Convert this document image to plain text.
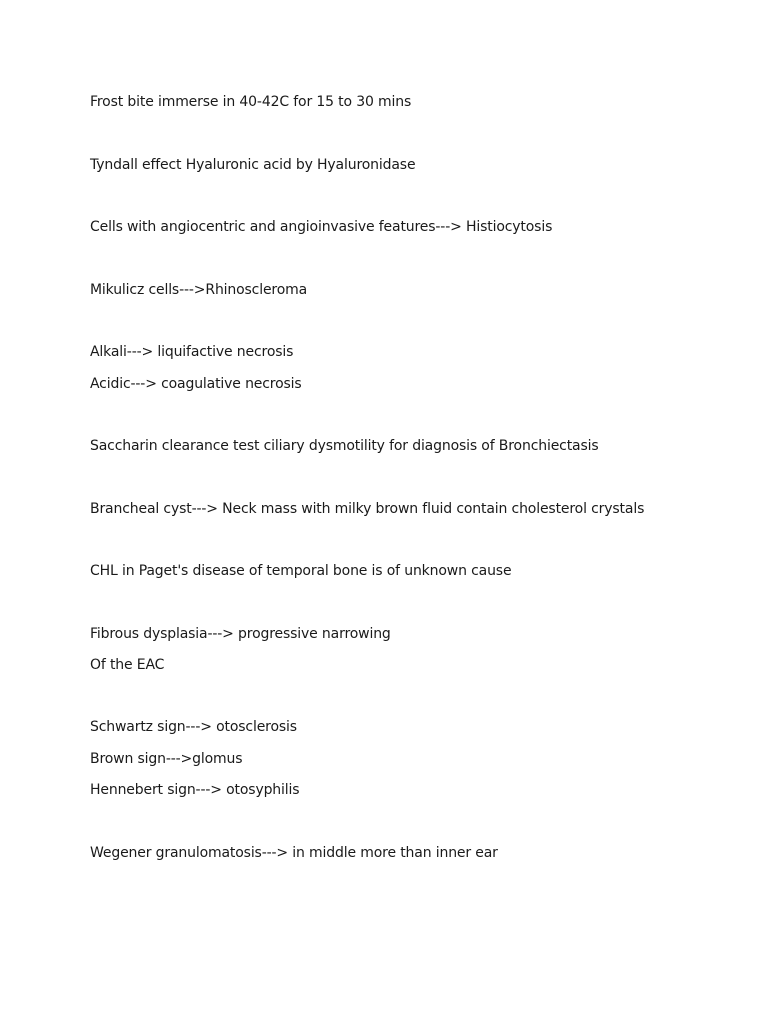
Frost bite immerse in 40-42C for 15 to 30 mins
Tyndall effect Hyaluronic acid by Hyaluronidase
Cells with angiocentric and angioinvasive features---> Histiocytosis
Mikulicz cells--->Rhinoscleroma
Alkali---> liquifactive necrosis
Acidic---> coagulative necrosis
Saccharin clearance test ciliary dysmotility for diagnosis of Bronchiectasis
Brancheal cyst---> Neck mass with milky brown fluid contain cholesterol crystals
CHL in Paget's disease of temporal bone is of unknown cause
Fibrous dysplasia---> progressive narrowing
Of the EAC
Schwartz sign---> otosclerosis
Brown sign--->glomus
Hennebert sign---> otosyphilis
Wegener granulomatosis---> in middle more than inner ear
